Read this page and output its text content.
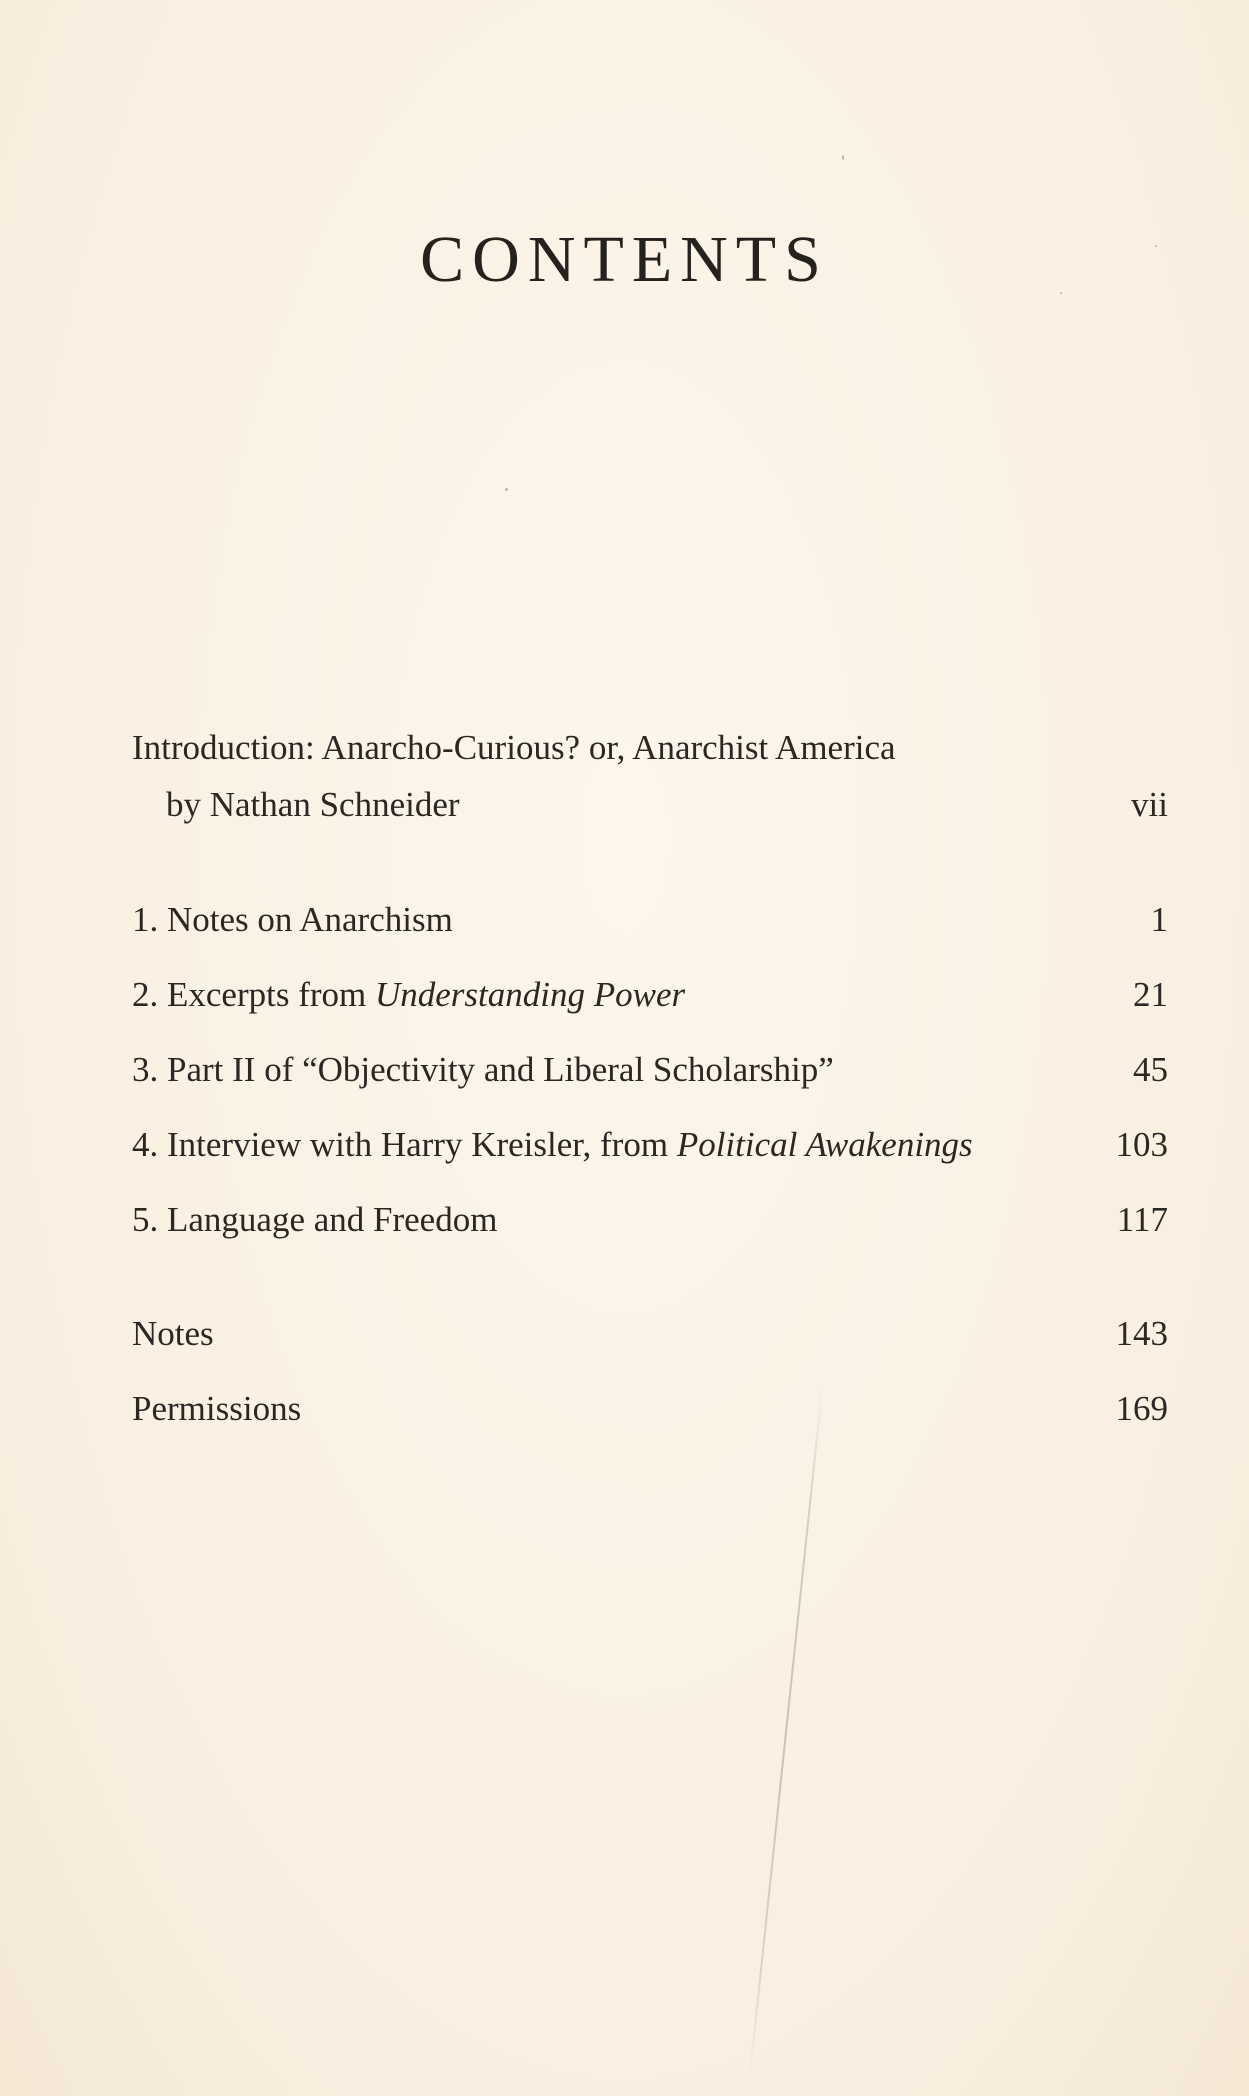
CONTENTS
Introduction: Anarcho-Curious? or, Anarchist America
by Nathan Schneider	vii
1. Notes on Anarchism	1
2. Excerpts from Understanding Power	21
3. Part II of “Objectivity and Liberal Scholarship”	45
4. Interview with Harry Kreisler, from Political Awakenings	103
5. Language and Freedom	117
Notes	143
Permissions	169
